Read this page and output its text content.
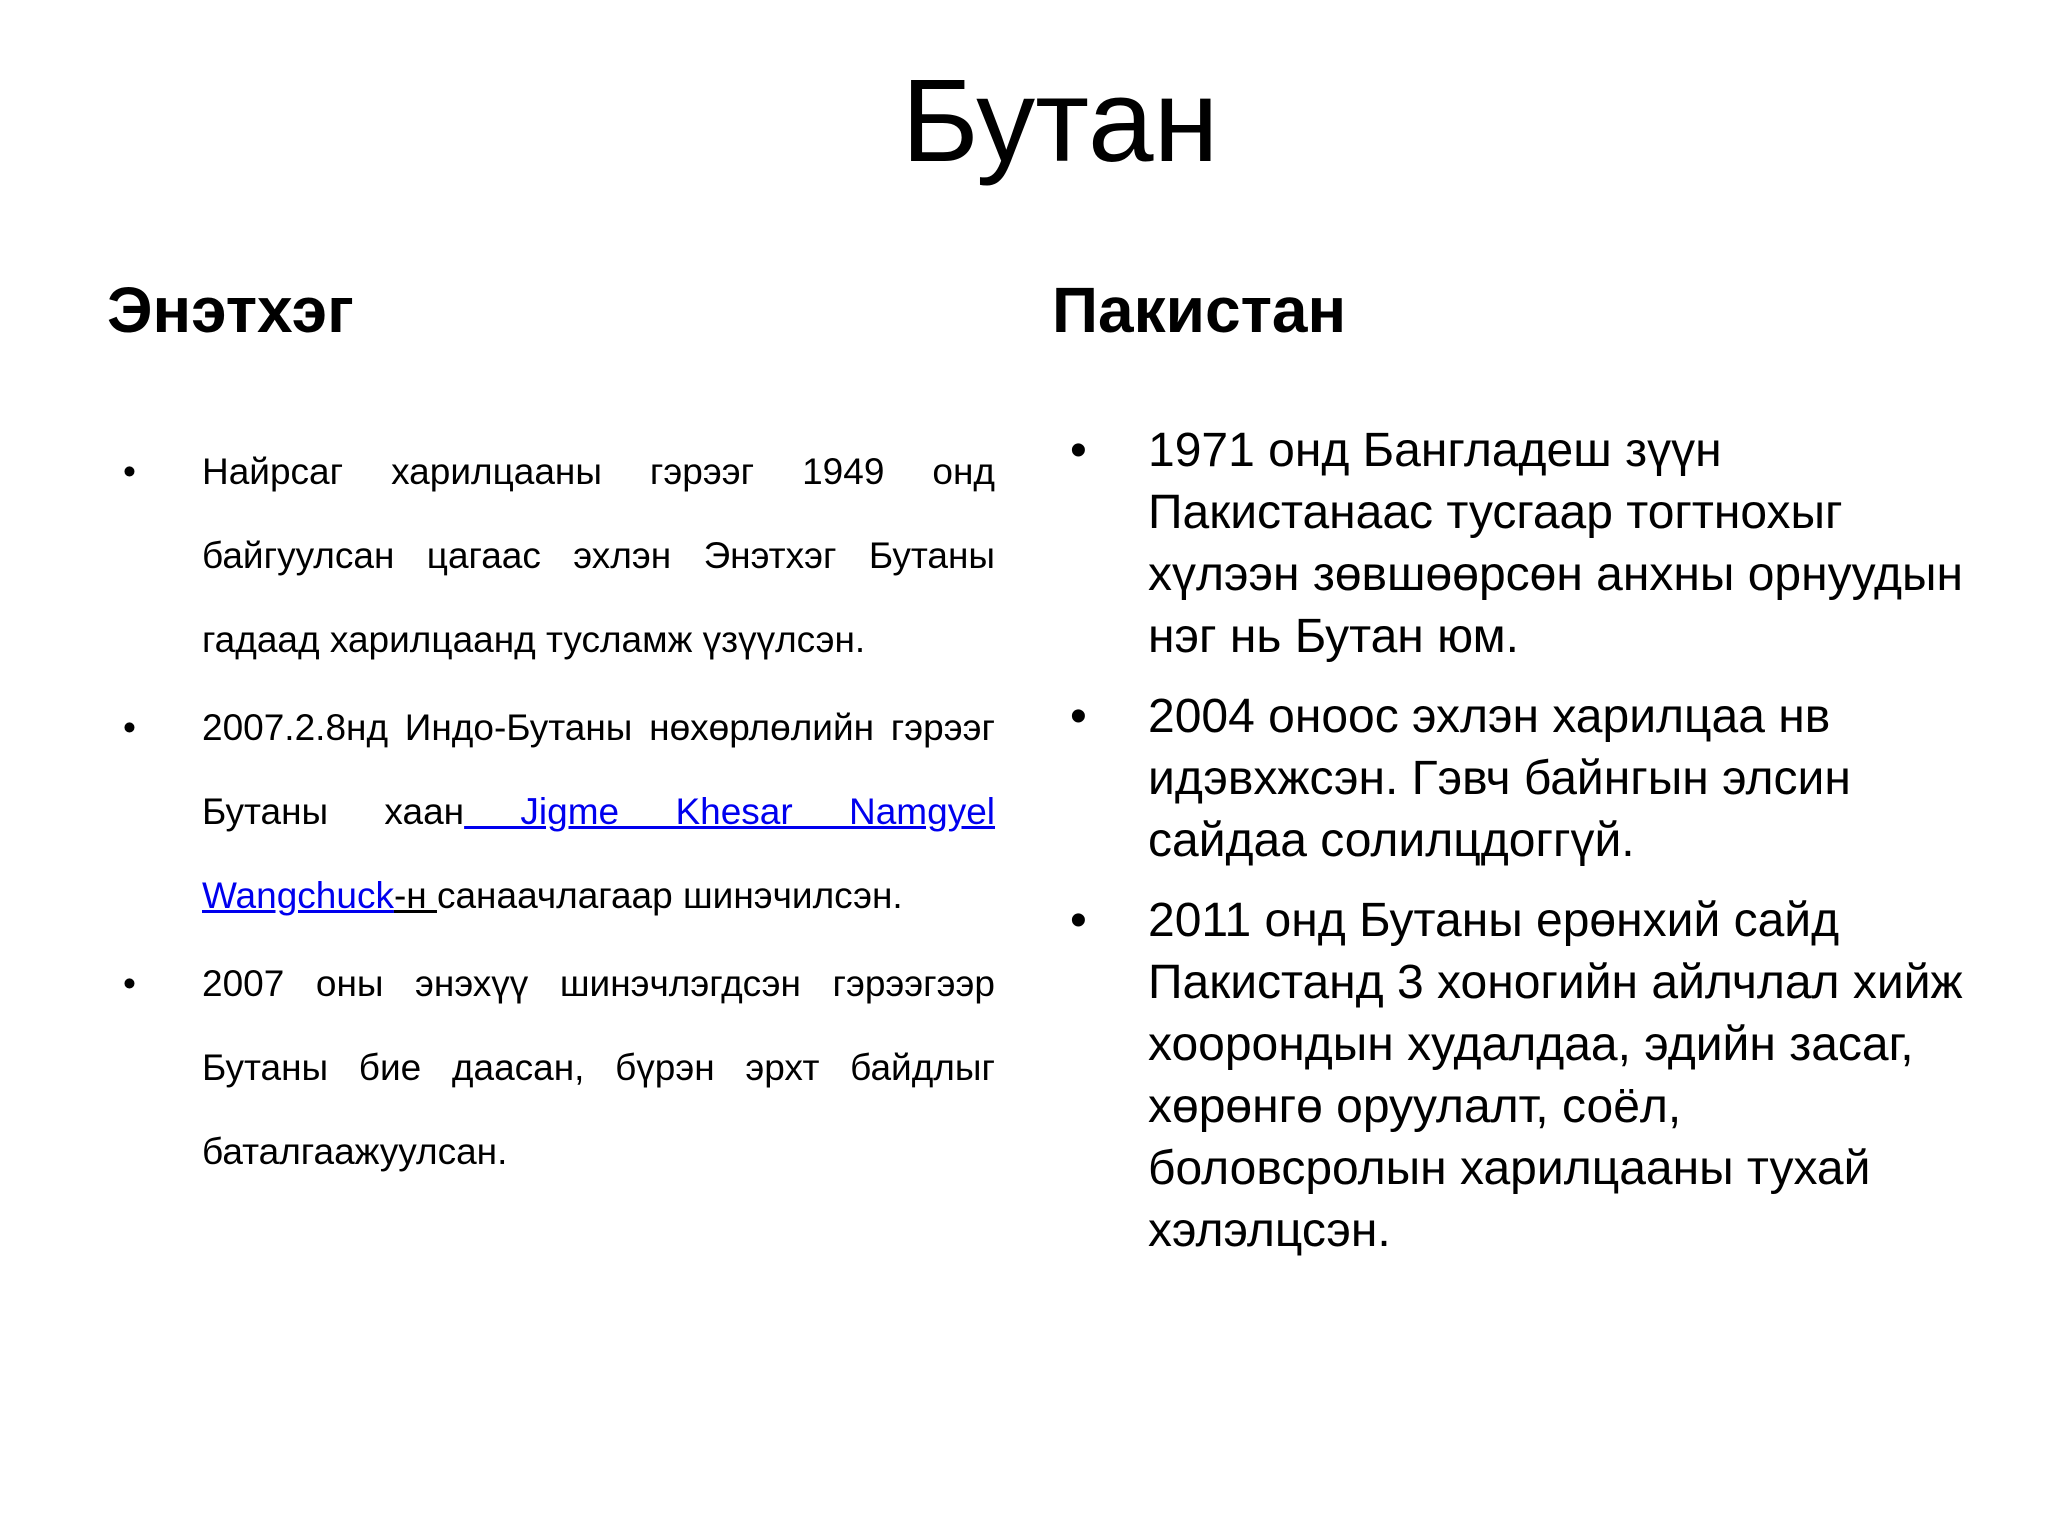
Бутан
Энэтхэг	Пакистан
• Найрсаг харилцааны гэрээг 1949 онд байгуулсан цагаас эхлэн Энэтхэг Бутаны гадаад харилцаанд тусламж үзүүлсэн.
• 2007.2.8нд Индо-Бутаны нөхөрлөлийн гэрээг Бутаны хаан Jigme Khesar Namgyel Wangchuck-н санаачлагаар шинэчилсэн.
• 2007 оны энэхүү шинэчлэгдсэн гэрээгээр Бутаны бие даасан, бүрэн эрхт байдлыг баталгаажуулсан.
• 1971 онд Бангладеш зүүн Пакистанаас тусгаар тогтнохыг хүлээн зөвшөөрсөн анхны орнуудын нэг нь Бутан юм.
• 2004 оноос эхлэн харилцаа нв идэвхжсэн. Гэвч байнгын элсин сайдаа солилцдоггүй.
• 2011 онд Бутаны ерөнхий сайд Пакистанд 3 хоногийн айлчлал хийж хоорондын худалдаа, эдийн засаг, хөрөнгө оруулалт, соёл, боловсролын харилцааны тухай хэлэлцсэн.
